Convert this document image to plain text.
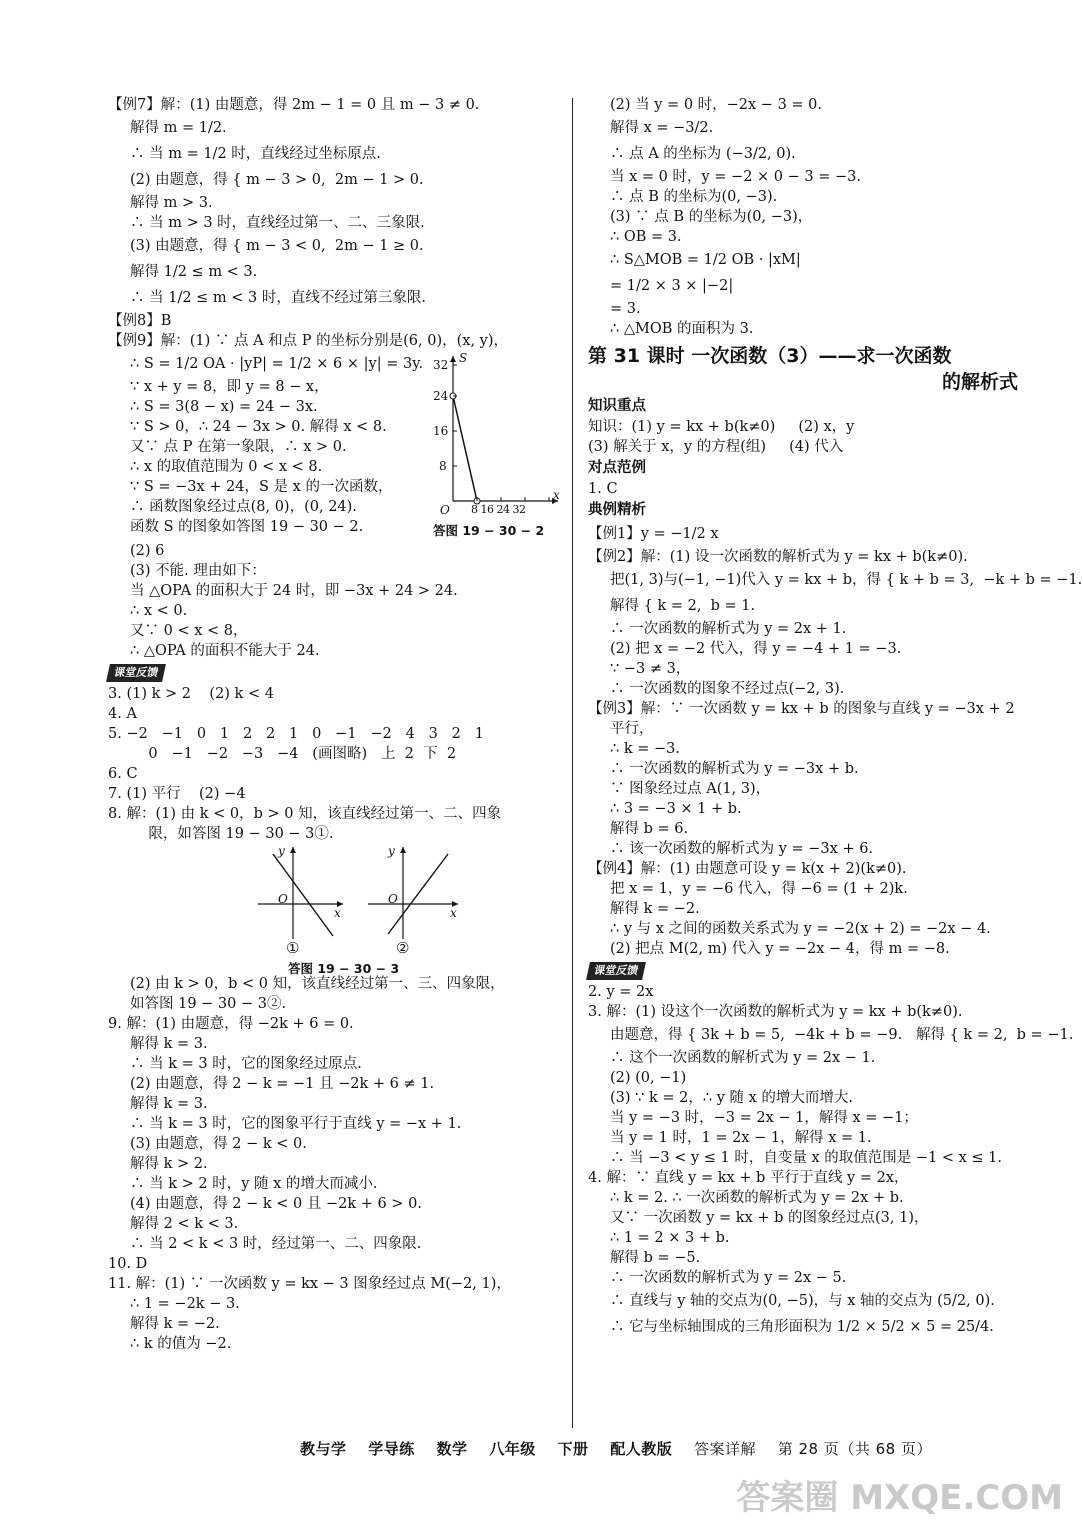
【例7】解：(1) 由题意，得 2m − 1 = 0 且 m − 3 ≠ 0.

解得 m = 1/2.

∴ 当 m = 1/2 时，直线经过坐标原点.

(2) 由题意，得 { m − 3 > 0,  2m − 1 > 0.

解得 m > 3.

∴ 当 m > 3 时，直线经过第一、二、三象限.

(3) 由题意，得 { m − 3 < 0,  2m − 1 ≥ 0.

解得 1/2 ≤ m < 3.

∴ 当 1/2 ≤ m < 3 时，直线不经过第三象限.

【例8】B

【例9】解：(1) ∵ 点 A 和点 P 的坐标分别是(6, 0)，(x, y)，

∴ S = 1/2 OA · |yP| = 1/2 × 6 × |y| = 3y.

∵ x + y = 8，即 y = 8 − x，

∴ S = 3(8 − x) = 24 − 3x.

∵ S > 0，∴ 24 − 3x > 0. 解得 x < 8.

又∵ 点 P 在第一象限，∴ x > 0.

∴ x 的取值范围为 0 < x < 8.

∵ S = −3x + 24，S 是 x 的一次函数，

∴ 函数图象经过点(8, 0)，(0, 24).

函数 S 的图象如答图 19 − 30 − 2.

32
24
16
8
S
O 8 16 24 32
x
答图 19 − 30 − 2

(2) 6

(3) 不能. 理由如下：

当 △OPA 的面积大于 24 时，即 −3x + 24 > 24.

∴ x < 0.

又∵ 0 < x < 8，

∴ △OPA 的面积不能大于 24.

课堂反馈

3. (1) k > 2    (2) k < 4

4. A

5. −2   −1   0   1   2   2   1   0   −1   −2   4   3   2   1

0   −1   −2   −3   −4   (画图略)   上  2  下  2

6. C

7. (1) 平行    (2) −4

8. 解：(1) 由 k < 0，b > 0 知，该直线经过第一、二、四象

限，如答图 19 − 30 − 3①.

y
O
x
y
O
x
①	②
答图 19 − 30 − 3

(2) 由 k > 0，b < 0 知，该直线经过第一、三、四象限，

如答图 19 − 30 − 3②.

9. 解：(1) 由题意，得 −2k + 6 = 0.

解得 k = 3.

∴ 当 k = 3 时，它的图象经过原点.

(2) 由题意，得 2 − k = −1 且 −2k + 6 ≠ 1.

解得 k = 3.

∴ 当 k = 3 时，它的图象平行于直线 y = −x + 1.

(3) 由题意，得 2 − k < 0.

解得 k > 2.

∴ 当 k > 2 时，y 随 x 的增大而减小.

(4) 由题意，得 2 − k < 0 且 −2k + 6 > 0.

解得 2 < k < 3.

∴ 当 2 < k < 3 时，经过第一、二、四象限.

10. D

11. 解：(1) ∵ 一次函数 y = kx − 3 图象经过点 M(−2, 1)，

∴ 1 = −2k − 3.

解得 k = −2.

∴ k 的值为 −2.

(2) 当 y = 0 时，−2x − 3 = 0.

解得 x = −3/2.

∴ 点 A 的坐标为 (−3/2, 0).

当 x = 0 时，y = −2 × 0 − 3 = −3.

∴ 点 B 的坐标为(0, −3).

(3) ∵ 点 B 的坐标为(0, −3)，

∴ OB = 3.

∴ S△MOB = 1/2 OB · |xM|

= 1/2 × 3 × |−2|

= 3.

∴ △MOB 的面积为 3.

第 31 课时 一次函数（3）——求一次函数
的解析式
知识重点

知识：(1) y = kx + b(k≠0)     (2) x，y

(3) 解关于 x，y 的方程(组)     (4) 代入

对点范例

1. C

典例精析

【例1】y = −1/2 x

【例2】解：(1) 设一次函数的解析式为 y = kx + b(k≠0).

把(1, 3)与(−1, −1)代入 y = kx + b，得 { k + b = 3,  −k + b = −1.

解得 { k = 2,  b = 1.

∴ 一次函数的解析式为 y = 2x + 1.

(2) 把 x = −2 代入，得 y = −4 + 1 = −3.

∵ −3 ≠ 3，

∴ 一次函数的图象不经过点(−2, 3).

【例3】解：∵ 一次函数 y = kx + b 的图象与直线 y = −3x + 2

平行，

∴ k = −3.

∴ 一次函数的解析式为 y = −3x + b.

∵ 图象经过点 A(1, 3)，

∴ 3 = −3 × 1 + b.

解得 b = 6.

∴ 该一次函数的解析式为 y = −3x + 6.

【例4】解：(1) 由题意可设 y = k(x + 2)(k≠0).

把 x = 1，y = −6 代入，得 −6 = (1 + 2)k.

解得 k = −2.

∴ y 与 x 之间的函数关系式为 y = −2(x + 2) = −2x − 4.

(2) 把点 M(2, m) 代入 y = −2x − 4，得 m = −8.

课堂反馈

2. y = 2x

3. 解：(1) 设这个一次函数的解析式为 y = kx + b(k≠0).

由题意，得 { 3k + b = 5,  −4k + b = −9.   解得 { k = 2,  b = −1.

∴ 这个一次函数的解析式为 y = 2x − 1.

(2) (0, −1)

(3) ∵ k = 2，∴ y 随 x 的增大而增大.

当 y = −3 时，−3 = 2x − 1，解得 x = −1；

当 y = 1 时，1 = 2x − 1，解得 x = 1.

∴ 当 −3 < y ≤ 1 时，自变量 x 的取值范围是 −1 < x ≤ 1.

4. 解：∵ 直线 y = kx + b 平行于直线 y = 2x，

∴ k = 2. ∴ 一次函数的解析式为 y = 2x + b.

又∵ 一次函数 y = kx + b 的图象经过点(3, 1)，

∴ 1 = 2 × 3 + b.

解得 b = −5.

∴ 一次函数的解析式为 y = 2x − 5.

∴ 直线与 y 轴的交点为(0, −5)，与 x 轴的交点为 (5/2, 0).

∴ 它与坐标轴围成的三角形面积为 1/2 × 5/2 × 5 = 25/4.

教与学 学导练 数学 八年级 下册 配人教版 答案详解 第 28 页（共 68 页）
答案圈 MXQE.COM
